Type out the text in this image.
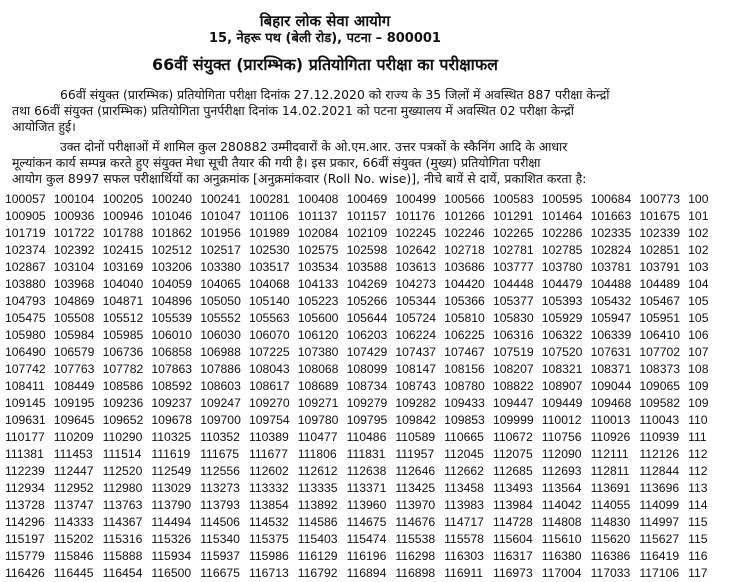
बिहार लोक सेवा आयोग
15, नेहरू पथ (बेली रोड), पटना – 800001
66वीं संयुक्त (प्रारम्भिक) प्रतियोगिता परीक्षा का परीक्षाफल
66वीं संयुक्त (प्रारम्भिक) प्रतियोगिता परीक्षा दिनांक 27.12.2020 को राज्य के 35 जिलों में अवस्थित 887 परीक्षा केन्द्रों
तथा 66वीं संयुक्त (प्रारम्भिक) प्रतियोगिता पुनर्परीक्षा दिनांक 14.02.2021 को पटना मुख्यालय में अवस्थित 02 परीक्षा केन्द्रों
आयोजित हुई।
उक्त दोनों परीक्षाओं में शामिल कुल 280882 उम्मीदवारों के ओ.एम.आर. उत्तर पत्रकों के स्कैनिंग आदि के आधार
मूल्यांकन कार्य सम्पन्न करते हुए संयुक्त मेधा सूची तैयार की गयी है। इस प्रकार, 66वीं संयुक्त (मुख्य) प्रतियोगिता परीक्षा
आयोग कुल 8997 सफल परीक्षार्थियों का अनुक्रमांक [अनुक्रमांकवार (Roll No. wise)], नीचे बायें से दायें, प्रकाशित करता है:
100057 100104 100205 100240 100241 100281 100408 100469 100499 100566 100583 100595 100684 100773 100
100905 100936 100946 101046 101047 101106 101137 101157 101176 101266 101291 101464 101663 101675 101
101719 101722 101788 101862 101956 101989 102084 102109 102245 102246 102265 102286 102335 102339 102
102374 102392 102415 102512 102517 102530 102575 102598 102642 102718 102781 102785 102824 102851 102
102867 103104 103169 103206 103380 103517 103534 103588 103613 103686 103777 103780 103781 103791 103
103880 103968 104040 104059 104065 104068 104133 104269 104273 104420 104448 104479 104488 104489 104
104793 104869 104871 104896 105050 105140 105223 105266 105344 105366 105377 105393 105432 105467 105
105475 105508 105512 105539 105552 105563 105600 105644 105724 105810 105830 105929 105947 105951 105
105980 105984 105985 106010 106030 106070 106120 106203 106224 106225 106316 106322 106339 106410 106
106490 106579 106736 106858 106988 107225 107380 107429 107437 107467 107519 107520 107631 107702 107
107742 107763 107782 107863 107886 108043 108068 108099 108147 108156 108207 108321 108371 108373 108
108411 108449 108586 108592 108603 108617 108689 108734 108743 108780 108822 108907 109044 109065 109
109145 109195 109236 109237 109247 109270 109271 109279 109282 109433 109447 109449 109468 109582 109
109631 109645 109652 109678 109700 109754 109780 109795 109842 109853 109999 110012 110013 110043 110
110177 110209 110290 110325 110352 110389 110477 110486 110589 110665 110672 110756 110926 110939 111
111381 111453 111514 111619 111675 111677 111806 111831 111957 112045 112075 112090 112111 112126 112
112239 112447 112520 112549 112556 112602 112612 112638 112646 112662 112685 112693 112811 112844 112
112934 112952 112980 113029 113273 113332 113335 113371 113425 113458 113493 113564 113691 113696 113
113728 113747 113763 113790 113793 113854 113892 113960 113970 113983 113984 114042 114055 114099 114
114296 114333 114367 114494 114506 114532 114586 114675 114676 114717 114728 114808 114830 114997 115
115197 115202 115316 115326 115340 115375 115403 115474 115538 115578 115604 115610 115620 115627 115
115779 115846 115888 115934 115937 115986 116129 116196 116298 116303 116317 116380 116386 116419 116
116426 116445 116454 116500 116675 116713 116792 116894 116898 116911 116973 117004 117033 117106 117
